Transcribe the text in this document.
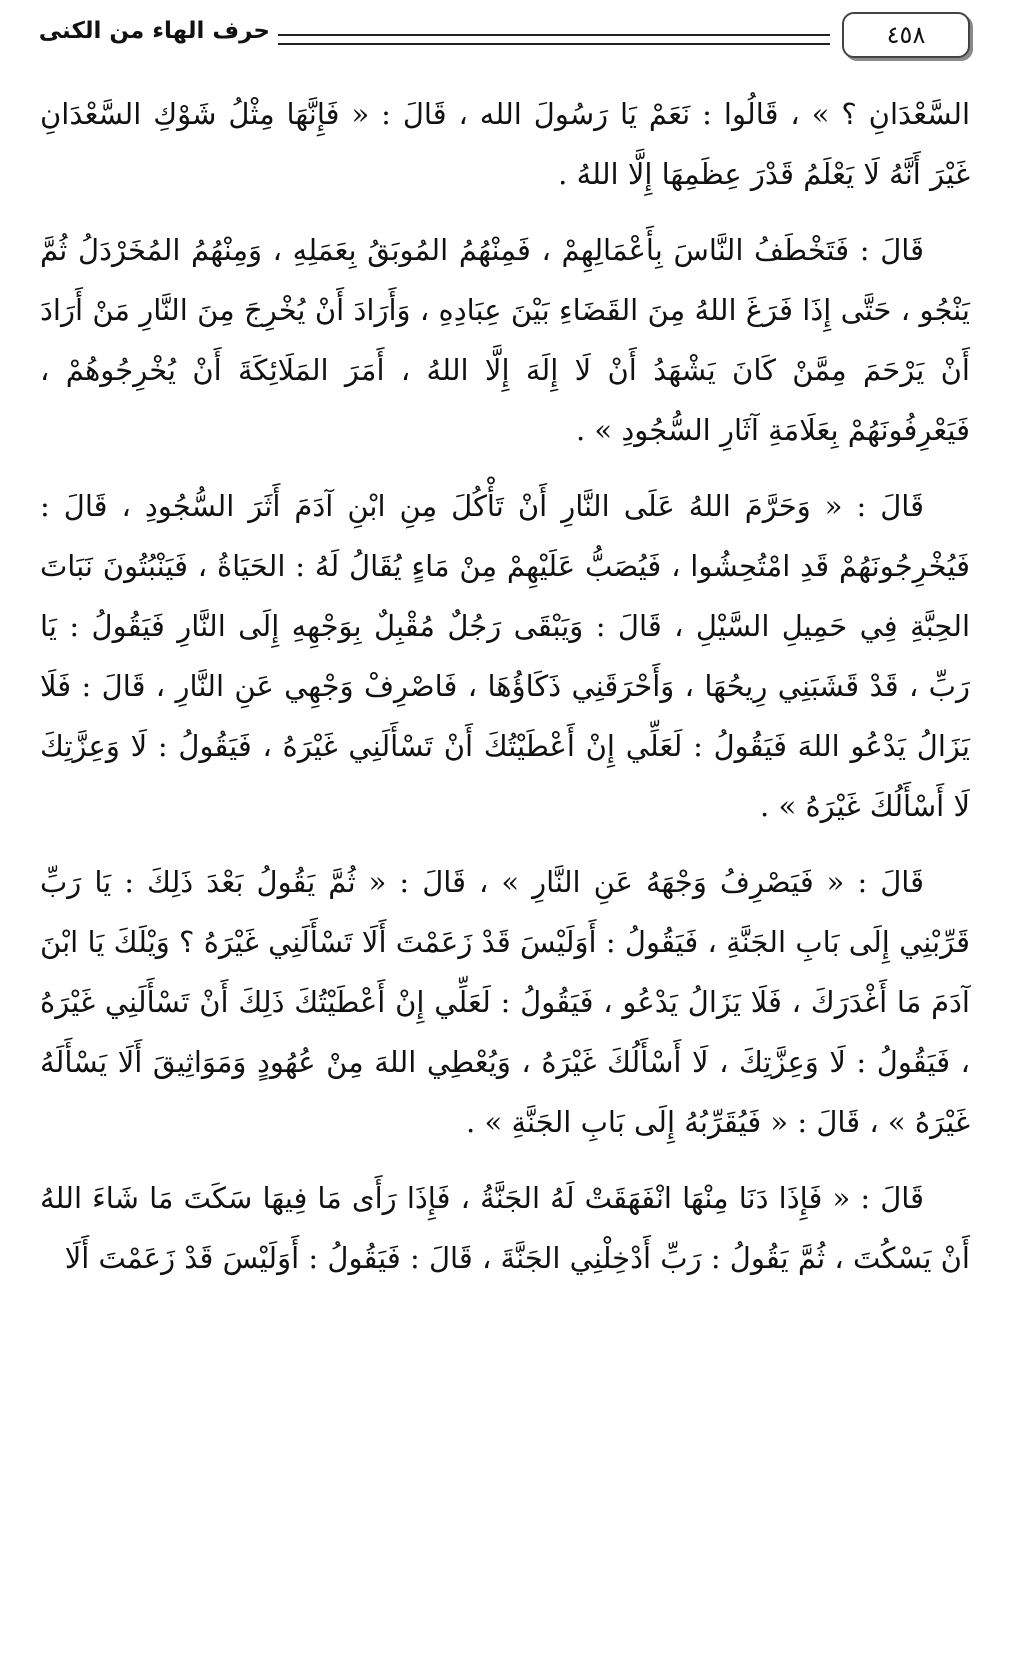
٤٥٨
حرف الهاء من الكنى

السَّعْدَانِ ؟ » ، قَالُوا : نَعَمْ يَا رَسُولَ الله ، قَالَ : « فَإِنَّهَا مِثْلُ شَوْكِ السَّعْدَانِ غَيْرَ أَنَّهُ لَا يَعْلَمُ قَدْرَ عِظَمِهَا إِلَّا اللهُ .

قَالَ : فَتَخْطَفُ النَّاسَ بِأَعْمَالِهِمْ ، فَمِنْهُمُ المُوبَقُ بِعَمَلِهِ ، وَمِنْهُمُ المُخَرْدَلُ ثُمَّ يَنْجُو ، حَتَّى إِذَا فَرَغَ اللهُ مِنَ القَضَاءِ بَيْنَ عِبَادِهِ ، وَأَرَادَ أَنْ يُخْرِجَ مِنَ النَّارِ مَنْ أَرَادَ أَنْ يَرْحَمَ مِمَّنْ كَانَ يَشْهَدُ أَنْ لَا إِلَهَ إِلَّا اللهُ ، أَمَرَ المَلَائِكَةَ أَنْ يُخْرِجُوهُمْ ، فَيَعْرِفُونَهُمْ بِعَلَامَةِ آثَارِ السُّجُودِ » .

قَالَ : « وَحَرَّمَ اللهُ عَلَى النَّارِ أَنْ تَأْكُلَ مِنِ ابْنِ آدَمَ أَثَرَ السُّجُودِ ، قَالَ : فَيُخْرِجُونَهُمْ قَدِ امْتُحِشُوا ، فَيُصَبُّ عَلَيْهِمْ مِنْ مَاءٍ يُقَالُ لَهُ : الحَيَاةُ ، فَيَنْبُتُونَ نَبَاتَ الحِبَّةِ فِي حَمِيلِ السَّيْلِ ، قَالَ : وَيَبْقَى رَجُلٌ مُقْبِلٌ بِوَجْهِهِ إِلَى النَّارِ فَيَقُولُ : يَا رَبِّ ، قَدْ قَشَبَنِي رِيحُهَا ، وَأَحْرَقَنِي ذَكَاؤُهَا ، فَاصْرِفْ وَجْهِي عَنِ النَّارِ ، قَالَ : فَلَا يَزَالُ يَدْعُو اللهَ فَيَقُولُ : لَعَلِّي إِنْ أَعْطَيْتُكَ أَنْ تَسْأَلَنِي غَيْرَهُ ، فَيَقُولُ : لَا وَعِزَّتِكَ لَا أَسْأَلُكَ غَيْرَهُ » .

قَالَ : « فَيَصْرِفُ وَجْهَهُ عَنِ النَّارِ » ، قَالَ : « ثُمَّ يَقُولُ بَعْدَ ذَلِكَ : يَا رَبِّ قَرِّبْنِي إِلَى بَابِ الجَنَّةِ ، فَيَقُولُ : أَوَلَيْسَ قَدْ زَعَمْتَ أَلَا تَسْأَلَنِي غَيْرَهُ ؟ وَيْلَكَ يَا ابْنَ آدَمَ مَا أَغْدَرَكَ ، فَلَا يَزَالُ يَدْعُو ، فَيَقُولُ : لَعَلِّي إِنْ أَعْطَيْتُكَ ذَلِكَ أَنْ تَسْأَلَنِي غَيْرَهُ ، فَيَقُولُ : لَا وَعِزَّتِكَ ، لَا أَسْأَلُكَ غَيْرَهُ ، وَيُعْطِي اللهَ مِنْ عُهُودٍ وَمَوَاثِيقَ أَلَا يَسْأَلَهُ غَيْرَهُ » ، قَالَ : « فَيُقَرِّبُهُ إِلَى بَابِ الجَنَّةِ » .

قَالَ : « فَإِذَا دَنَا مِنْهَا انْفَهَقَتْ لَهُ الجَنَّةُ ، فَإِذَا رَأَى مَا فِيهَا سَكَتَ مَا شَاءَ اللهُ أَنْ يَسْكُتَ ، ثُمَّ يَقُولُ : رَبِّ أَدْخِلْنِي الجَنَّةَ ، قَالَ : فَيَقُولُ : أَوَلَيْسَ قَدْ زَعَمْتَ أَلَا
